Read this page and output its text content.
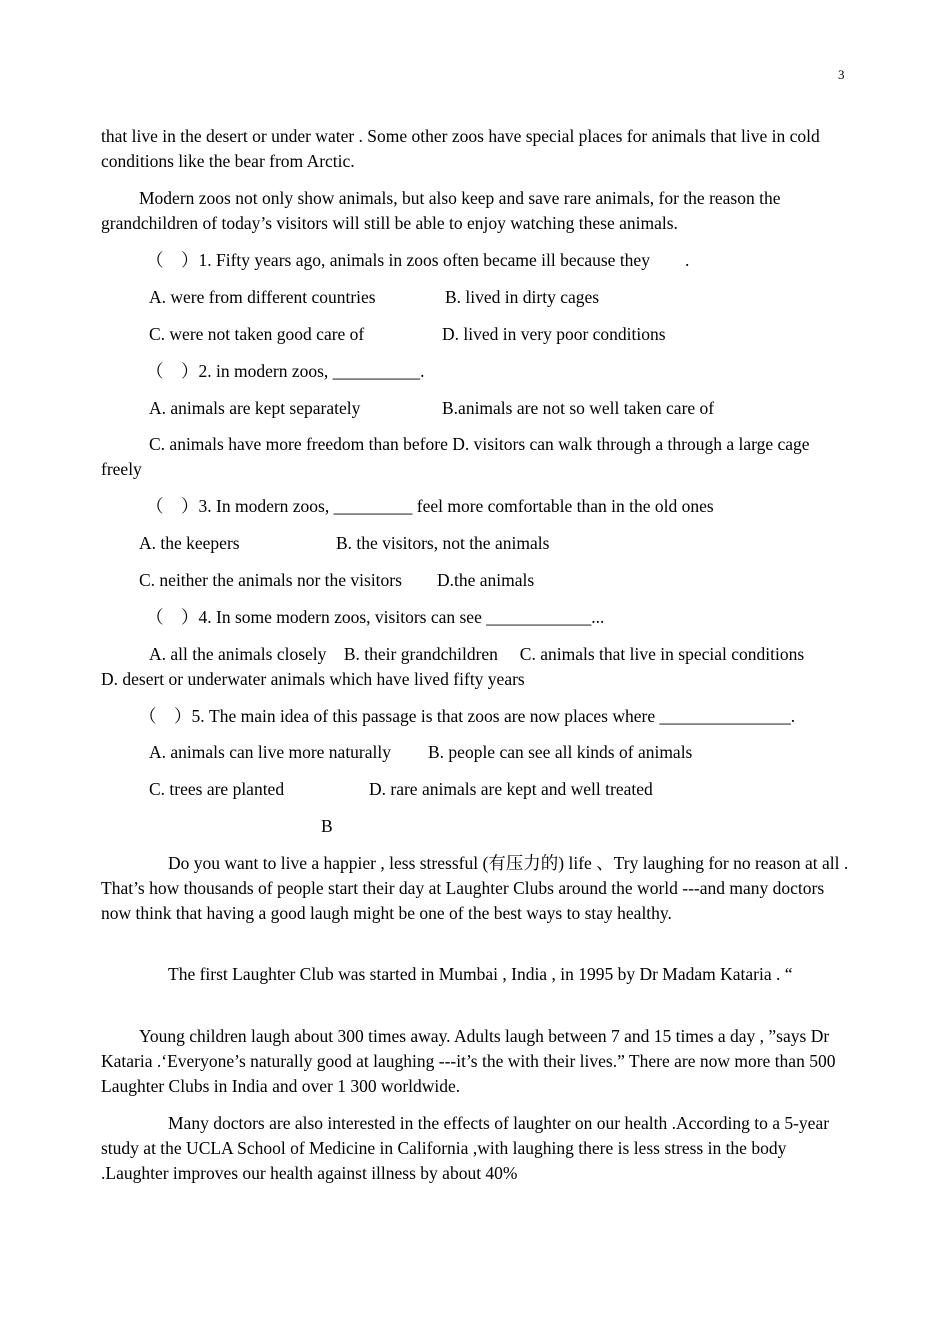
3
that live in the desert or under water . Some other zoos have special places for animals that live in cold conditions like the bear from Arctic.
Modern zoos not only show animals, but also keep and save rare animals, for the reason the grandchildren of today’s visitors will still be able to enjoy watching these animals.
（　）1. Fifty years ago, animals in zoos often became ill because they　　.
A. were from different countries	B. lived in dirty cages
C. were not taken good care of	D. lived in very poor conditions
（　）2. in modern zoos, __________.
A. animals are kept separately	B.animals are not so well taken care of
C. animals have more freedom than before D. visitors can walk through a through a large cage freely
（　）3. In modern zoos, _________ feel more comfortable than in the old ones
A. the keepers	B. the visitors, not the animals
C. neither the animals nor the visitors	D.the animals
（　）4. In some modern zoos, visitors can see ____________...
A. all the animals closely    B. their grandchildren     C. animals that live in special conditions             D. desert or underwater animals which have lived fifty years
（　）5. The main idea of this passage is that zoos are now places where _______________.
A. animals can live more naturally	B. people can see all kinds of animals
C. trees are planted	D. rare animals are kept and well treated
B
Do you want to live a happier , less stressful (有压力的) life 、Try laughing for no reason at all . That’s how thousands of people start their day at Laughter Clubs around the world ---and many doctors now think that having a good laugh might be one of the best ways to stay healthy.
The first Laughter Club was started in Mumbai , India , in 1995 by Dr Madam Kataria . “
Young children laugh about 300 times away. Adults laugh between 7 and 15 times a day , ”says Dr Kataria .‘Everyone’s naturally good at laughing ---it’s the with their lives.” There are now more than 500 Laughter Clubs in India and over 1 300 worldwide.
Many doctors are also interested in the effects of laughter on our health .According to a 5-year study at the UCLA School of Medicine in California ,with laughing there is less stress in the body .Laughter improves our health against illness by about 40%
